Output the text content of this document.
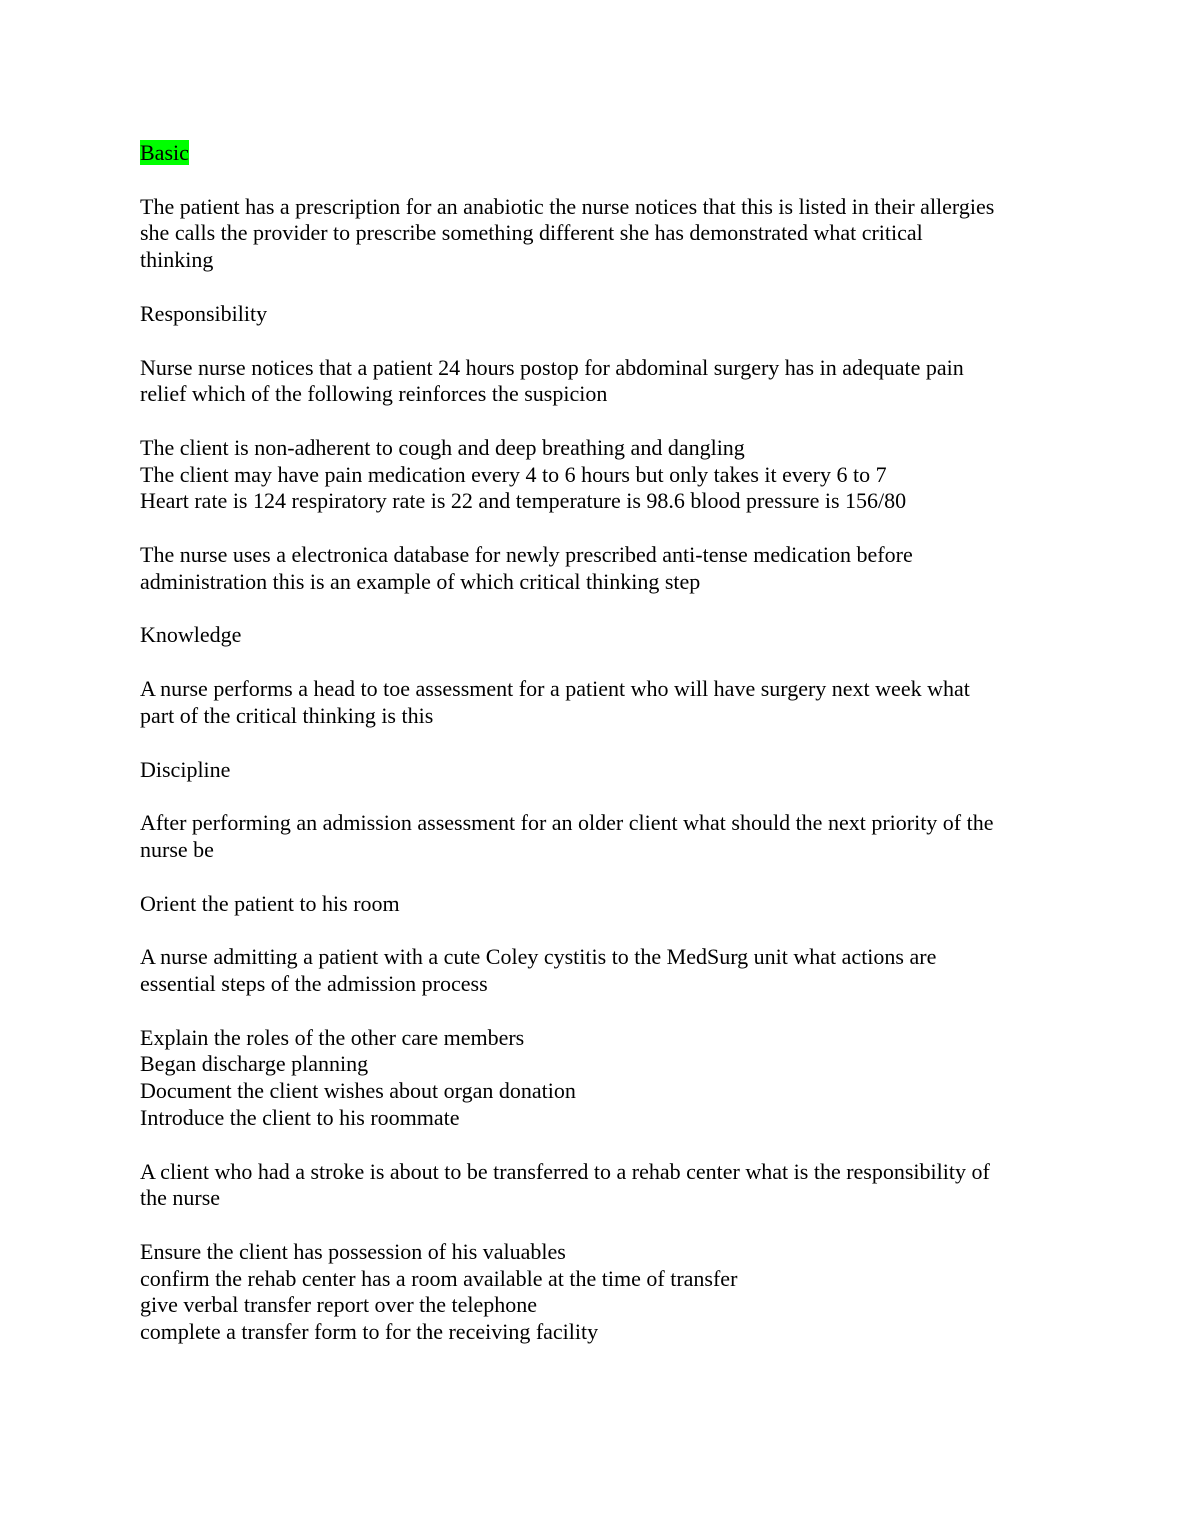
Basic
The patient has a prescription for an anabiotic the nurse notices that this is listed in their allergies
she calls the provider to prescribe something different she has demonstrated what critical
thinking
Responsibility
Nurse nurse notices that a patient 24 hours postop for abdominal surgery has in adequate pain
relief which of the following reinforces the suspicion
The client is non-adherent to cough and deep breathing and dangling
The client may have pain medication every 4 to 6 hours but only takes it every 6 to 7
Heart rate is 124 respiratory rate is 22 and temperature is 98.6 blood pressure is 156/80
The nurse uses a electronica database for newly prescribed anti-tense medication before
administration this is an example of which critical thinking step
Knowledge
A nurse performs a head to toe assessment for a patient who will have surgery next week what
part of the critical thinking is this
Discipline
After performing an admission assessment for an older client what should the next priority of the
nurse be
Orient the patient to his room
A nurse admitting a patient with a cute Coley cystitis to the MedSurg unit what actions are
essential steps of the admission process
Explain the roles of the other care members
Began discharge planning
Document the client wishes about organ donation
Introduce the client to his roommate
A client who had a stroke is about to be transferred to a rehab center what is the responsibility of
the nurse
Ensure the client has possession of his valuables
confirm the rehab center has a room available at the time of transfer
give verbal transfer report over the telephone
complete a transfer form to for the receiving facility
